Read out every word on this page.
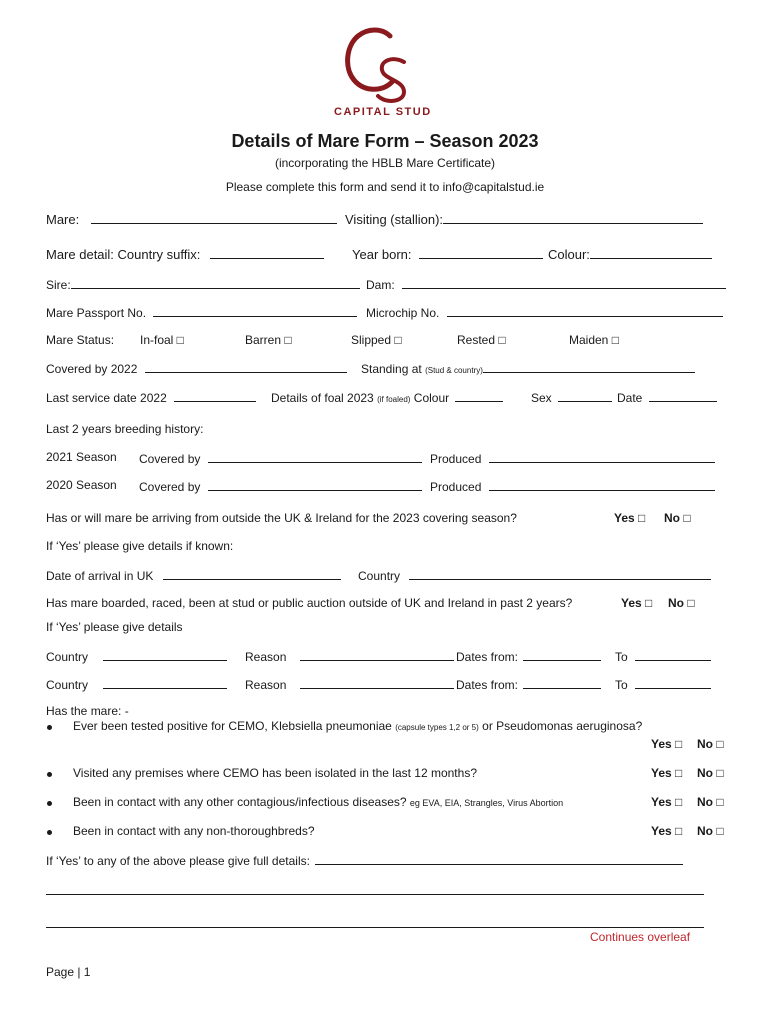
CAPITAL STUD
Details of Mare Form – Season 2023
(incorporating the HBLB Mare Certificate)
Please complete this form and send it to info@capitalstud.ie
Mare:	Visiting (stallion):
Mare detail: Country suffix:	Year born:	Colour:
Sire:	Dam:
Mare Passport No.	Microchip No.
Mare Status: In-foal □	Barren □	Slipped □	Rested □	Maiden □
Covered by 2022	Standing at (Stud & country)
Last service date 2022	Details of foal 2023 (if foaled) Colour	Sex	Date
Last 2 years breeding history:
2021 Season Covered by	Produced
2020 Season Covered by	Produced
Has or will mare be arriving from outside the UK & Ireland for the 2023 covering season?	Yes □ No □
If ‘Yes’ please give details if known:
Date of arrival in UK	Country
Has mare boarded, raced, been at stud or public auction outside of UK and Ireland in past 2 years?	Yes □ No □
If ‘Yes’ please give details
Country	Reason	Dates from:	To
Country	Reason	Dates from:	To
Has the mare: -
Ever been tested positive for CEMO, Klebsiella pneumoniae (capsule types 1,2 or 5) or Pseudomonas aeruginosa?
Yes □ No □
Visited any premises where CEMO has been isolated in the last 12 months?	Yes □ No □
Been in contact with any other contagious/infectious diseases? eg EVA, EIA, Strangles, Virus Abortion	Yes □ No □
Been in contact with any non-thoroughbreds?	Yes □ No □
If ‘Yes’ to any of the above please give full details:
Continues overleaf
Page | 1
